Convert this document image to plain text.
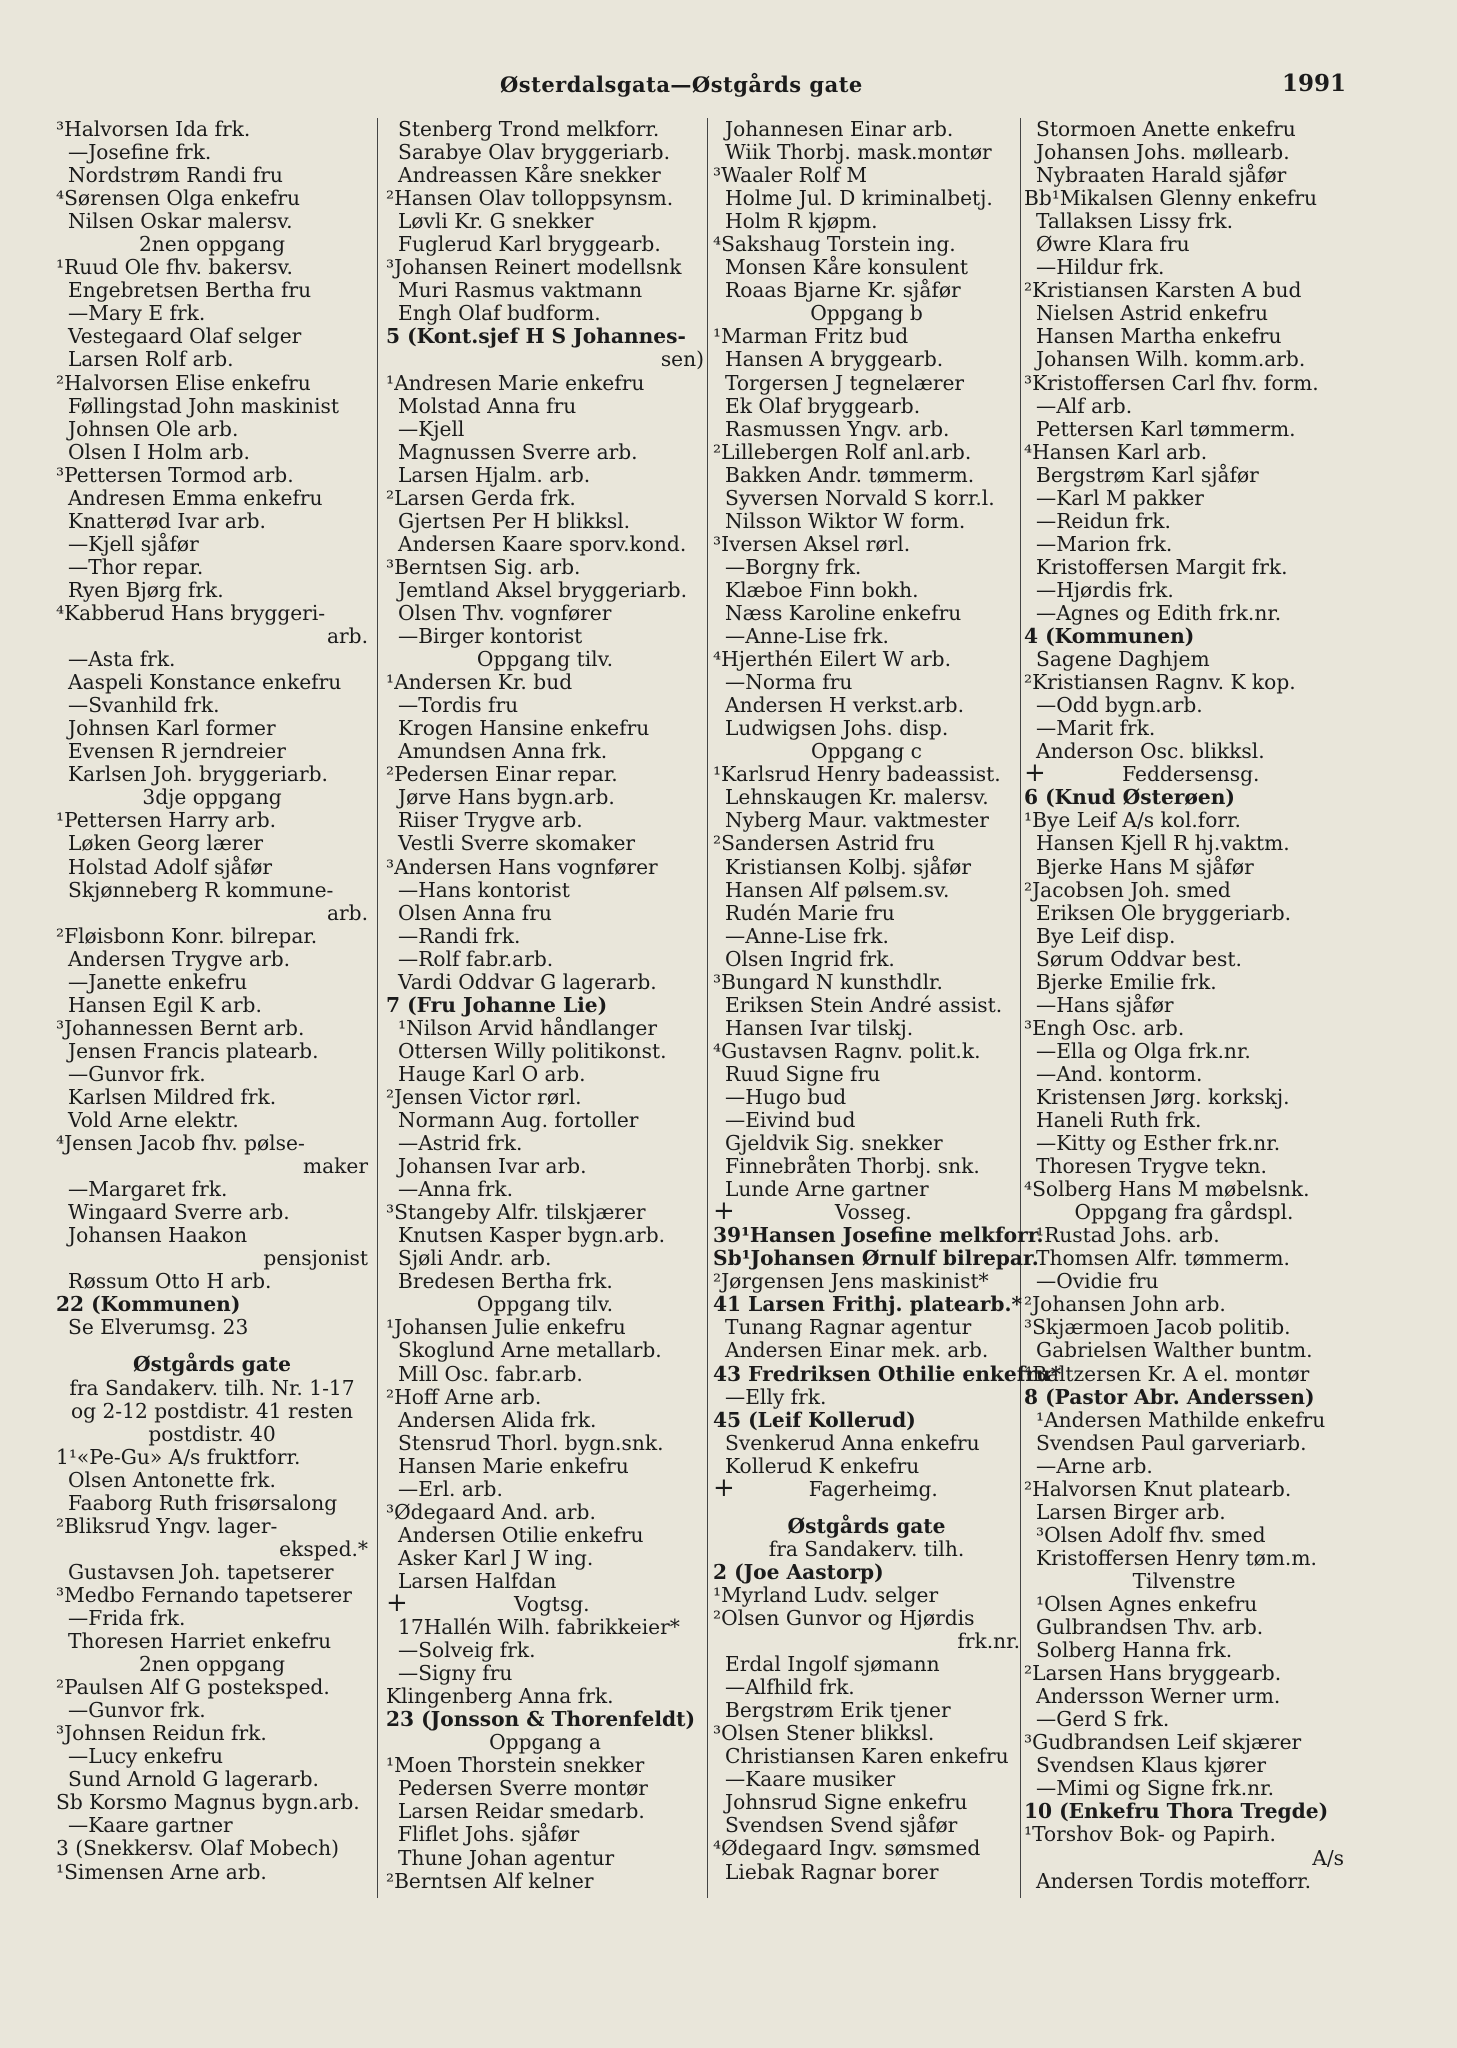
Østerdalsgata—Østgårds gate	1991
³Halvorsen Ida frk.
—Josefine frk.
Nordstrøm Randi fru
⁴Sørensen Olga enkefru
Nilsen Oskar malersv.
2nen oppgang
¹Ruud Ole fhv. bakersv.
Engebretsen Bertha fru
—Mary E frk.
Vestegaard Olaf selger
Larsen Rolf arb.
²Halvorsen Elise enkefru
Føllingstad John maskinist
Johnsen Ole arb.
Olsen I Holm arb.
³Pettersen Tormod arb.
Andresen Emma enkefru
Knatterød Ivar arb.
—Kjell sjåfør
—Thor repar.
Ryen Bjørg frk.
⁴Kabberud Hans bryggeri-
arb.
—Asta frk.
Aaspeli Konstance enkefru
—Svanhild frk.
Johnsen Karl former
Evensen R jerndreier
Karlsen Joh. bryggeriarb.
3dje oppgang
¹Pettersen Harry arb.
Løken Georg lærer
Holstad Adolf sjåfør
Skjønneberg R kommune-
arb.
²Fløisbonn Konr. bilrepar.
Andersen Trygve arb.
—Janette enkefru
Hansen Egil K arb.
³Johannessen Bernt arb.
Jensen Francis platearb.
—Gunvor frk.
Karlsen Mildred frk.
Vold Arne elektr.
⁴Jensen Jacob fhv. pølse-
maker
—Margaret frk.
Wingaard Sverre arb.
Johansen Haakon
pensjonist
Røssum Otto H arb.
22 (Kommunen)
Se Elverumsg. 23
Østgårds gate
fra Sandakerv. tilh. Nr. 1-17
og 2-12 postdistr. 41 resten
postdistr. 40
1¹«Pe-Gu» A/s fruktforr.
Olsen Antonette frk.
Faaborg Ruth frisørsalong
²Bliksrud Yngv. lager-
eksped.*
Gustavsen Joh. tapetserer
³Medbo Fernando tapetserer
—Frida frk.
Thoresen Harriet enkefru
2nen oppgang
²Paulsen Alf G posteksped.
—Gunvor frk.
³Johnsen Reidun frk.
—Lucy enkefru
Sund Arnold G lagerarb.
Sb Korsmo Magnus bygn.arb.
—Kaare gartner
3 (Snekkersv. Olaf Mobech)
¹Simensen Arne arb.
Stenberg Trond melkforr.
Sarabye Olav bryggeriarb.
Andreassen Kåre snekker
²Hansen Olav tolloppsynsm.
Løvli Kr. G snekker
Fuglerud Karl bryggearb.
³Johansen Reinert modellsnk
Muri Rasmus vaktmann
Engh Olaf budform.
5 (Kont.sjef H S Johannes-
sen)
¹Andresen Marie enkefru
Molstad Anna fru
—Kjell
Magnussen Sverre arb.
Larsen Hjalm. arb.
²Larsen Gerda frk.
Gjertsen Per H blikksl.
Andersen Kaare sporv.kond.
³Berntsen Sig. arb.
Jemtland Aksel bryggeriarb.
Olsen Thv. vognfører
—Birger kontorist
Oppgang tilv.
¹Andersen Kr. bud
—Tordis fru
Krogen Hansine enkefru
Amundsen Anna frk.
²Pedersen Einar repar.
Jørve Hans bygn.arb.
Riiser Trygve arb.
Vestli Sverre skomaker
³Andersen Hans vognfører
—Hans kontorist
Olsen Anna fru
—Randi frk.
—Rolf fabr.arb.
Vardi Oddvar G lagerarb.
7 (Fru Johanne Lie)
¹Nilson Arvid håndlanger
Ottersen Willy politikonst.
Hauge Karl O arb.
²Jensen Victor rørl.
Normann Aug. fortoller
—Astrid frk.
Johansen Ivar arb.
—Anna frk.
³Stangeby Alfr. tilskjærer
Knutsen Kasper bygn.arb.
Sjøli Andr. arb.
Bredesen Bertha frk.
Oppgang tilv.
¹Johansen Julie enkefru
Skoglund Arne metallarb.
Mill Osc. fabr.arb.
²Hoff Arne arb.
Andersen Alida frk.
Stensrud Thorl. bygn.snk.
Hansen Marie enkefru
—Erl. arb.
³Ødegaard And. arb.
Andersen Otilie enkefru
Asker Karl J W ing.
Larsen Halfdan
+	Vogtsg.
17Hallén Wilh. fabrikkeier*
—Solveig frk.
—Signy fru
Klingenberg Anna frk.
23 (Jonsson & Thorenfeldt)
Oppgang a
¹Moen Thorstein snekker
Pedersen Sverre montør
Larsen Reidar smedarb.
Fliflet Johs. sjåfør
Thune Johan agentur
²Berntsen Alf kelner
Johannesen Einar arb.
Wiik Thorbj. mask.montør
³Waaler Rolf M
Holme Jul. D kriminalbetj.
Holm R kjøpm.
⁴Sakshaug Torstein ing.
Monsen Kåre konsulent
Roaas Bjarne Kr. sjåfør
Oppgang b
¹Marman Fritz bud
Hansen A bryggearb.
Torgersen J tegnelærer
Ek Olaf bryggearb.
Rasmussen Yngv. arb.
²Lillebergen Rolf anl.arb.
Bakken Andr. tømmerm.
Syversen Norvald S korr.l.
Nilsson Wiktor W form.
³Iversen Aksel rørl.
—Borgny frk.
Klæboe Finn bokh.
Næss Karoline enkefru
—Anne-Lise frk.
⁴Hjerthén Eilert W arb.
—Norma fru
Andersen H verkst.arb.
Ludwigsen Johs. disp.
Oppgang c
¹Karlsrud Henry badeassist.
Lehnskaugen Kr. malersv.
Nyberg Maur. vaktmester
²Sandersen Astrid fru
Kristiansen Kolbj. sjåfør
Hansen Alf pølsem.sv.
Rudén Marie fru
—Anne-Lise frk.
Olsen Ingrid frk.
³Bungard N kunsthdlr.
Eriksen Stein André assist.
Hansen Ivar tilskj.
⁴Gustavsen Ragnv. polit.k.
Ruud Signe fru
—Hugo bud
—Eivind bud
Gjeldvik Sig. snekker
Finnebråten Thorbj. snk.
Lunde Arne gartner
+	Vosseg.
39¹Hansen Josefine melkforr.
Sb¹Johansen Ørnulf bilrepar.
²Jørgensen Jens maskinist*
41 Larsen Frithj. platearb.*
Tunang Ragnar agentur
Andersen Einar mek. arb.
43 Fredriksen Othilie enkefru*
—Elly frk.
45 (Leif Kollerud)
Svenkerud Anna enkefru
Kollerud K enkefru
+	Fagerheimg.
Østgårds gate
fra Sandakerv. tilh.
2 (Joe Aastorp)
¹Myrland Ludv. selger
²Olsen Gunvor og Hjørdis
frk.nr.
Erdal Ingolf sjømann
—Alfhild frk.
Bergstrøm Erik tjener
³Olsen Stener blikksl.
Christiansen Karen enkefru
—Kaare musiker
Johnsrud Signe enkefru
Svendsen Svend sjåfør
⁴Ødegaard Ingv. sømsmed
Liebak Ragnar borer
Stormoen Anette enkefru
Johansen Johs. møllearb.
Nybraaten Harald sjåfør
Bb¹Mikalsen Glenny enkefru
Tallaksen Lissy frk.
Øwre Klara fru
—Hildur frk.
²Kristiansen Karsten A bud
Nielsen Astrid enkefru
Hansen Martha enkefru
Johansen Wilh. komm.arb.
³Kristoffersen Carl fhv. form.
—Alf arb.
Pettersen Karl tømmerm.
⁴Hansen Karl arb.
Bergstrøm Karl sjåfør
—Karl M pakker
—Reidun frk.
—Marion frk.
Kristoffersen Margit frk.
—Hjørdis frk.
—Agnes og Edith frk.nr.
4 (Kommunen)
Sagene Daghjem
²Kristiansen Ragnv. K kop.
—Odd bygn.arb.
—Marit frk.
Anderson Osc. blikksl.
+	Feddersensg.
6 (Knud Østerøen)
¹Bye Leif A/s kol.forr.
Hansen Kjell R hj.vaktm.
Bjerke Hans M sjåfør
²Jacobsen Joh. smed
Eriksen Ole bryggeriarb.
Bye Leif disp.
Sørum Oddvar best.
Bjerke Emilie frk.
—Hans sjåfør
³Engh Osc. arb.
—Ella og Olga frk.nr.
—And. kontorm.
Kristensen Jørg. korkskj.
Haneli Ruth frk.
—Kitty og Esther frk.nr.
Thoresen Trygve tekn.
⁴Solberg Hans M møbelsnk.
Oppgang fra gårdspl.
¹Rustad Johs. arb.
Thomsen Alfr. tømmerm.
—Ovidie fru
²Johansen John arb.
³Skjærmoen Jacob politib.
Gabrielsen Walther buntm.
⁴Baltzersen Kr. A el. montør
8 (Pastor Abr. Anderssen)
¹Andersen Mathilde enkefru
Svendsen Paul garveriarb.
—Arne arb.
²Halvorsen Knut platearb.
Larsen Birger arb.
³Olsen Adolf fhv. smed
Kristoffersen Henry tøm.m.
Tilvenstre
¹Olsen Agnes enkefru
Gulbrandsen Thv. arb.
Solberg Hanna frk.
²Larsen Hans bryggearb.
Andersson Werner urm.
—Gerd S frk.
³Gudbrandsen Leif skjærer
Svendsen Klaus kjører
—Mimi og Signe frk.nr.
10 (Enkefru Thora Tregde)
¹Torshov Bok- og Papirh.
A/s
Andersen Tordis motefforr.
